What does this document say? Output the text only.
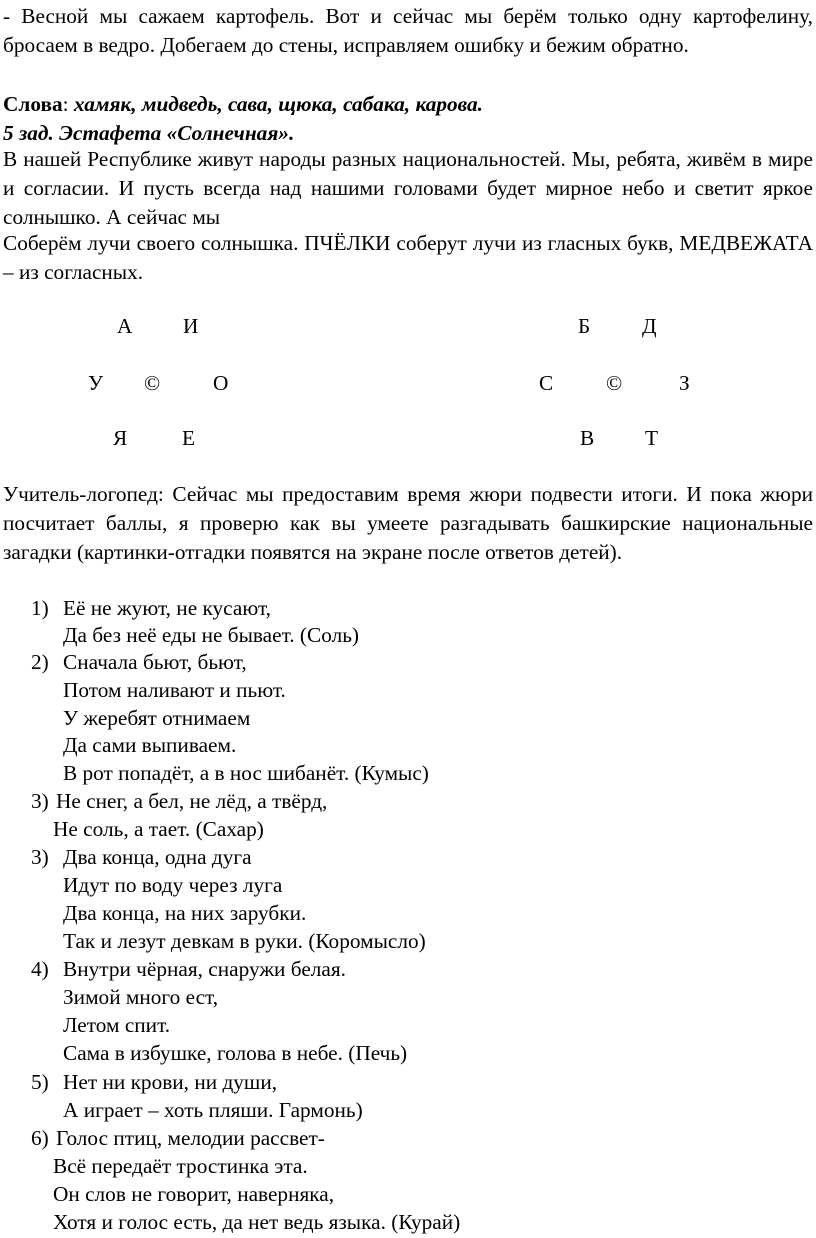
- Весной мы сажаем картофель. Вот и сейчас мы берём только одну картофелину, бросаем в ведро. Добегаем до стены, исправляем ошибку и бежим обратно.
Слова: хамяк, мидведь, сава, щюка, сабака, карова.
5 зад. Эстафета «Солнечная».
В нашей Республике живут народы разных национальностей. Мы, ребята, живём в мире и согласии. И пусть всегда над нашими головами будет мирное небо и светит яркое солнышко. А сейчас мы
Соберём лучи своего солнышка. ПЧЁЛКИ соберут лучи из гласных букв, МЕДВЕЖАТА – из согласных.
А И
У © О
Я	Е
Б Д
С ©	З
В Т
Учитель-логопед: Сейчас мы предоставим время жюри подвести итоги. И пока жюри посчитает баллы, я проверю как вы умеете разгадывать башкирские национальные загадки (картинки-отгадки появятся на экране после ответов детей).
1) Её не жуют, не кусают,
Да без неё еды не бывает. (Соль)
2) Сначала бьют, бьют,
Потом наливают и пьют.
У жеребят отнимаем
Да сами выпиваем.
В рот попадёт, а в нос шибанёт. (Кумыс)
3) Не снег, а бел, не лёд, а твёрд,
Не соль, а тает. (Сахар)
3) Два конца, одна дуга
Идут по воду через луга
Два конца, на них зарубки.
Так и лезут девкам в руки. (Коромысло)
4) Внутри чёрная, снаружи белая.
Зимой много ест,
Летом спит.
Сама в избушке, голова в небе. (Печь)
5) Нет ни крови, ни души,
А играет – хоть пляши. Гармонь)
6) Голос птиц, мелодии рассвет-
Всё передаёт тростинка эта.
Он слов не говорит, наверняка,
Хотя и голос есть, да нет ведь языка. (Курай)
